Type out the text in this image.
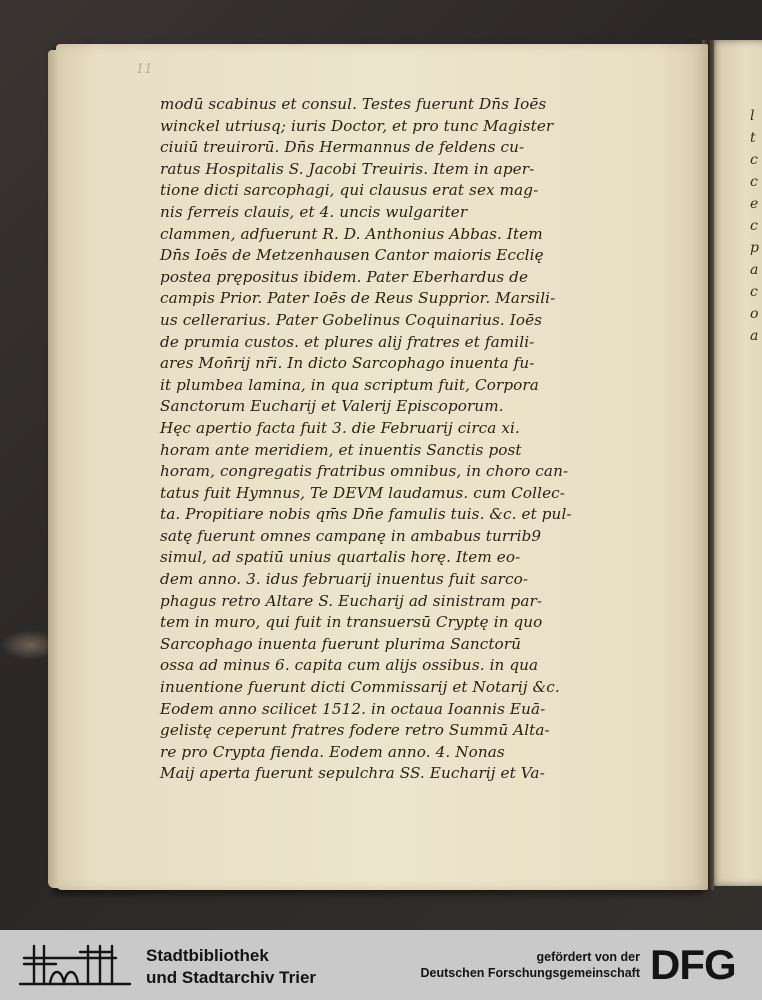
l
t
c
c
e
c
p
a
c
o
a
11
modū scabinus et consul. Testes fuerunt Dn̄s Ioēs
winckel utriusq; iuris Doctor, et pro tunc Magister
ciuiū treuirorū. Dn̄s Hermannus de feldens cu-
ratus Hospitalis S. Jacobi Treuiris. Item in aper-
tione dicti sarcophagi, qui clausus erat sex mag-
nis ferreis clauis, et 4. uncis wulgariter
clammen, adfuerunt R. D. Anthonius Abbas. Item
Dn̄s Ioēs de Metzenhausen Cantor maioris Ecclię
postea prępositus ibidem. Pater Eberhardus de
campis Prior. Pater Ioēs de Reus Supprior. Marsili-
us cellerarius. Pater Gobelinus Coquinarius. Ioēs
de prumia custos. et plures alij fratres et famili-
ares Mon̄rij nr̄i. In dicto Sarcophago inuenta fu-
it plumbea lamina, in qua scriptum fuit, Corpora
Sanctorum Eucharij et Valerij Episcoporum.
Hęc apertio facta fuit 3. die Februarij circa xi.
horam ante meridiem, et inuentis Sanctis post
horam, congregatis fratribus omnibus, in choro can-
tatus fuit Hymnus, Te DEVM laudamus. cum Collec-
ta. Propitiare nobis qm̄s Dn̄e famulis tuis. &c. et pul-
satę fuerunt omnes campanę in ambabus turrib9
simul, ad spatiū unius quartalis horę. Item eo-
dem anno. 3. idus februarij inuentus fuit sarco-
phagus retro Altare S. Eucharij ad sinistram par-
tem in muro, qui fuit in transuersū Cryptę in quo
Sarcophago inuenta fuerunt plurima Sanctorū
ossa ad minus 6. capita cum alijs ossibus. in qua
inuentione fuerunt dicti Commissarij et Notarij &c.
Eodem anno scilicet 1512. in octaua Ioannis Euā-
gelistę ceperunt fratres fodere retro Summū Alta-
re pro Crypta fienda. Eodem anno. 4. Nonas
Maij aperta fuerunt sepulchra SS. Eucharij et Va-
Stadtbibliothek
und Stadtarchiv Trier
gefördert von der
Deutschen Forschungsgemeinschaft DFG
